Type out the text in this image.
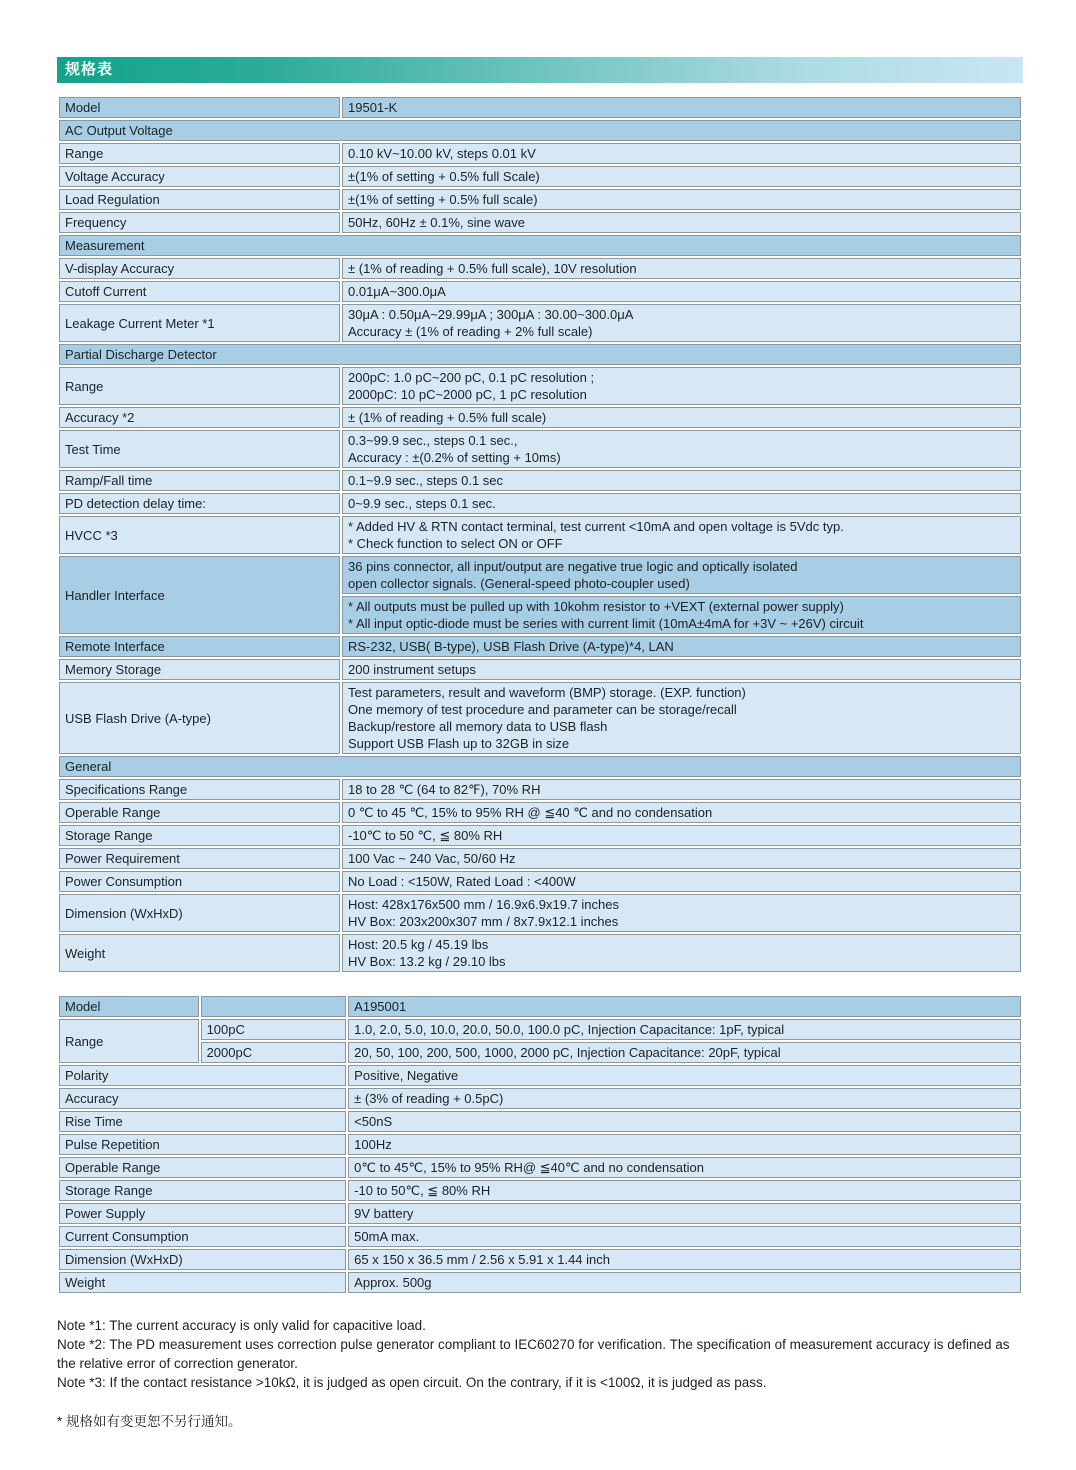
规格表
Model	19501-K

AC Output Voltage	
Range	0.10 kV~10.00 kV, steps 0.01 kV

Voltage Accuracy	±(1% of setting + 0.5% full Scale)

Load Regulation	±(1% of setting + 0.5% full scale)

Frequency	50Hz, 60Hz ± 0.1%, sine wave

Measurement	
V-display Accuracy	± (1% of reading + 0.5% full scale), 10V resolution

Cutoff Current	0.01μA~300.0μA

Leakage Current Meter *1	30μA : 0.50μA~29.99μA ; 300μA : 30.00~300.0μA
Accuracy ± (1% of reading + 2% full scale)

Partial Discharge Detector	
Range	200pC: 1.0 pC~200 pC, 0.1 pC resolution ;
2000pC: 10 pC~2000 pC, 1 pC resolution

Accuracy *2	± (1% of reading + 0.5% full scale)

Test Time	0.3~99.9 sec., steps 0.1 sec.,
Accuracy : ±(0.2% of setting + 10ms)

Ramp/Fall time	0.1~9.9 sec., steps 0.1 sec

PD detection delay time:	0~9.9 sec., steps 0.1 sec.

HVCC *3	* Added HV & RTN contact terminal, test current <10mA and open voltage is 5Vdc typ.
* Check function to select ON or OFF

Handler Interface	36 pins connector, all input/output are negative true logic and optically isolated
open collector signals. (General-speed photo-coupler used)

	* All outputs must be pulled up with 10kohm resistor to +VEXT (external power supply)
* All input optic-diode must be series with current limit (10mA±4mA for +3V ~ +26V) circuit

Remote Interface	RS-232, USB( B-type), USB Flash Drive (A-type)*4, LAN

Memory Storage	200 instrument setups

USB Flash Drive (A-type)	Test parameters, result and waveform (BMP) storage. (EXP. function)
One memory of test procedure and parameter can be storage/recall
Backup/restore all memory data to USB flash
Support USB Flash up to 32GB in size

General	
Specifications Range	18 to 28 ℃ (64 to 82℉), 70% RH

Operable Range	0 ℃ to 45 ℃, 15% to 95% RH @ ≦40 ℃ and no condensation

Storage Range	-10℃ to 50 ℃, ≦ 80% RH

Power Requirement	100 Vac ~ 240 Vac, 50/60 Hz

Power Consumption	No Load : <150W, Rated Load : <400W

Dimension (WxHxD)	Host: 428x176x500 mm / 16.9x6.9x19.7 inches
HV Box: 203x200x307 mm / 8x7.9x12.1 inches

Weight	Host: 20.5 kg / 45.19 lbs
HV Box: 13.2 kg / 29.10 lbs
Model		A195001

Range	100pC	1.0, 2.0, 5.0, 10.0, 20.0, 50.0, 100.0 pC, Injection Capacitance: 1pF, typical

	2000pC	20, 50, 100, 200, 500, 1000, 2000 pC, Injection Capacitance: 20pF, typical

Polarity		Positive, Negative

Accuracy		± (3% of reading + 0.5pC)

Rise Time		<50nS

Pulse Repetition		100Hz

Operable Range		0℃ to 45℃, 15% to 95% RH@ ≦40℃ and no condensation

Storage Range		-10 to 50℃, ≦ 80% RH

Power Supply		9V battery

Current Consumption		50mA max.

Dimension (WxHxD)		65 x 150 x 36.5 mm / 2.56 x 5.91 x 1.44 inch

Weight		Approx. 500g

Note *1: The current accuracy is only valid for capacitive load.

Note *2: The PD measurement uses correction pulse generator compliant to IEC60270 for verification. The specification of measurement accuracy is defined as the relative error of correction generator.

Note *3: If the contact resistance >10kΩ, it is judged as open circuit. On the contrary, if it is <100Ω, it is judged as pass.

* 规格如有变更恕不另行通知。
